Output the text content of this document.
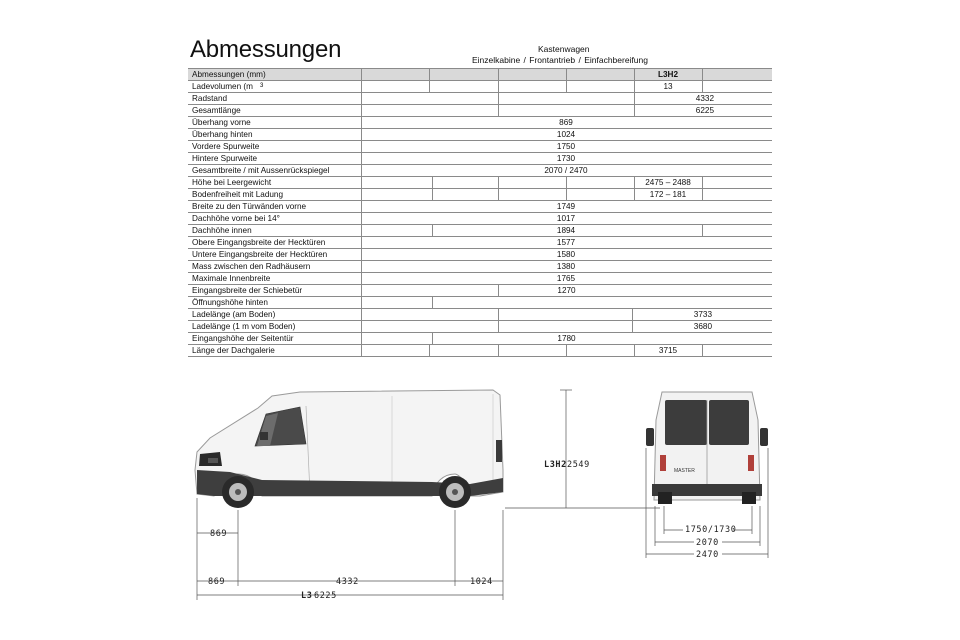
Abmessungen	Kastenwagen
Einzelkabine / Frontantrieb / Einfachbereifung
Abmessungen (mm)	L3H2
Ladevolumen (m	13
Radstand	4332
Gesamtlänge	6225
Überhang vorne	869
Überhang hinten	1024
Vordere Spurweite	1750
Hintere Spurweite	1730
Gesamtbreite / mit Aussenrückspiegel	2070 / 2470
Höhe bei Leergewicht	2475 – 2488
Bodenfreiheit mit Ladung	172 – 181
Breite zu den Türwänden vorne	1749
Dachhöhe vorne bei 14°	1017
Dachhöhe innen	1894
Obere Eingangsbreite der Hecktüren	1577
Untere Eingangsbreite der Hecktüren	1580
Mass zwischen den Radhäusern	1380
Maximale Innenbreite	1765
Eingangsbreite der Schiebetür	1270
Öffnungshöhe hinten
Ladelänge (am Boden)	3733
Ladelänge (1 m vom Boden)	3680
Eingangshöhe der Seitentür	1780
Länge der Dachgalerie	3715
3
MASTER
L3H2 2549
869
869	4332	1024
L3 6225
1750/1730
2070
2470
